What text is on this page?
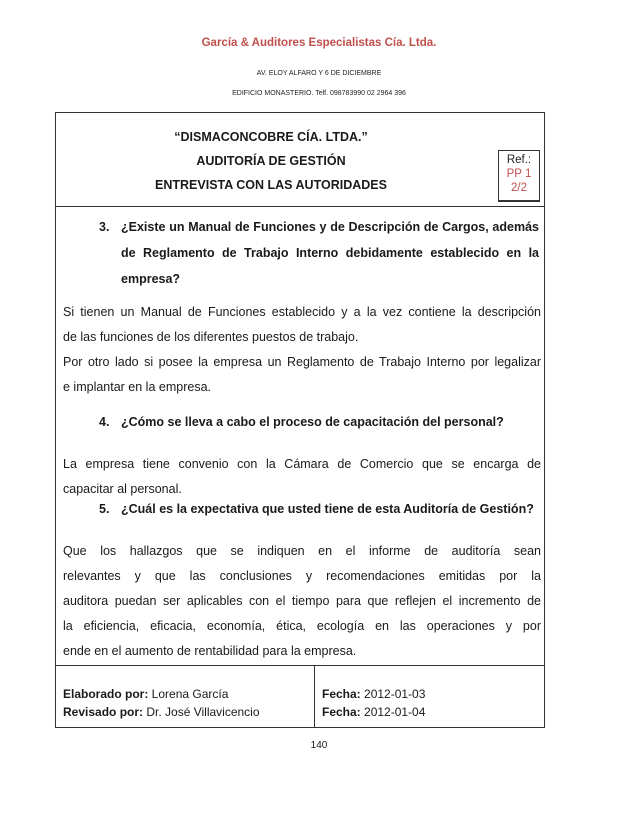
García & Auditores Especialistas Cía. Ltda.
AV. ELOY ALFARO Y 6 DE DICIEMBRE
EDIFICIO MONASTERIO. Telf. 098783990 02 2964 396
“DISMACONCOBRE CÍA. LTDA.”
AUDITORÍA DE GESTIÓN
ENTREVISTA CON LAS AUTORIDADES
Ref.:
PP 1
2/2
3. ¿Existe un Manual de Funciones y de Descripción de Cargos, además
de Reglamento de Trabajo Interno debidamente establecido en la
empresa?
Si tienen un Manual de Funciones establecido y a la vez contiene la descripción
de las funciones de los diferentes puestos de trabajo.
Por otro lado si posee la empresa un Reglamento de Trabajo Interno por legalizar
e implantar en la empresa.
4. ¿Cómo se lleva a cabo el proceso de capacitación del personal?
La empresa tiene convenio con la Cámara de Comercio que se encarga de
capacitar al personal.
5. ¿Cuál es la expectativa que usted tiene de esta Auditoría de Gestión?
Que los hallazgos que se indiquen en el informe de auditoría sean
relevantes y que las conclusiones y recomendaciones emitidas por la
auditora puedan ser aplicables con el tiempo para que reflejen el incremento de
la eficiencia, eficacia, economía, ética, ecología en las operaciones y por
ende en el aumento de rentabilidad para la empresa.
Elaborado por: Lorena García
Revisado por: Dr. José Villavicencio
Fecha: 2012-01-03
Fecha: 2012-01-04
140
